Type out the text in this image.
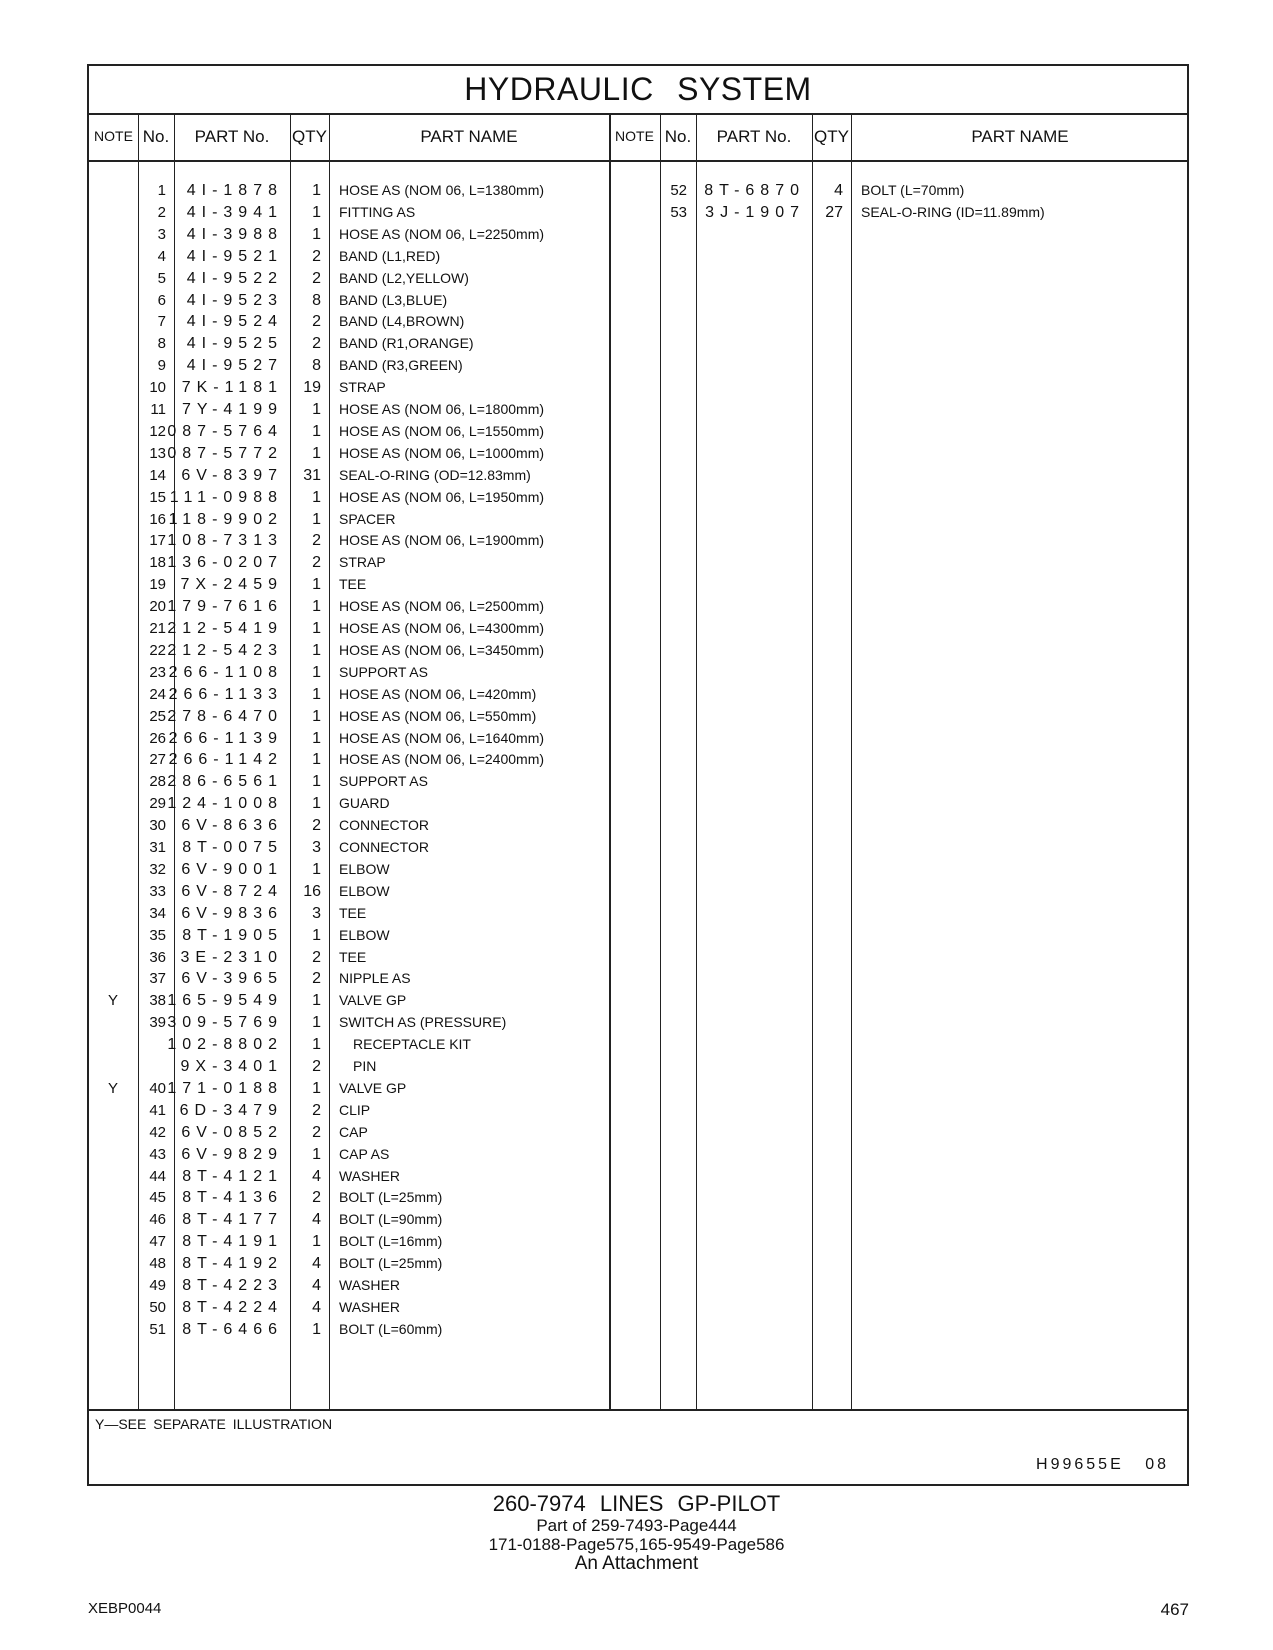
HYDRAULIC SYSTEM
NOTE No.	PART No.	QTY	PART NAME	NOTE No.	PART No.	QTY	PART NAME
1	4I-1878	1 HOSE AS (NOM 06, L=1380mm)
2	4I-3941	1 FITTING AS
3	4I-3988	1 HOSE AS (NOM 06, L=2250mm)
4	4I-9521	2 BAND (L1,RED)
5	4I-9522	2 BAND (L2,YELLOW)
6	4I-9523	8 BAND (L3,BLUE)
7	4I-9524	2 BAND (L4,BROWN)
8	4I-9525	2 BAND (R1,ORANGE)
9	4I-9527	8 BAND (R3,GREEN)
10 7K-1181	19 STRAP
11 7Y-4199	1 HOSE AS (NOM 06, L=1800mm)
12 087-5764	1 HOSE AS (NOM 06, L=1550mm)
13 087-5772	1 HOSE AS (NOM 06, L=1000mm)
14 6V-8397	31 SEAL-O-RING (OD=12.83mm)
15 111-0988	1 HOSE AS (NOM 06, L=1950mm)
16 118-9902	1 SPACER
17 108-7313	2 HOSE AS (NOM 06, L=1900mm)
18 136-0207	2 STRAP
19 7X-2459	1 TEE
20 179-7616	1 HOSE AS (NOM 06, L=2500mm)
21 212-5419	1 HOSE AS (NOM 06, L=4300mm)
22 212-5423	1 HOSE AS (NOM 06, L=3450mm)
23 266-1108	1 SUPPORT AS
24 266-1133	1 HOSE AS (NOM 06, L=420mm)
25 278-6470	1 HOSE AS (NOM 06, L=550mm)
26 266-1139	1 HOSE AS (NOM 06, L=1640mm)
27 266-1142	1 HOSE AS (NOM 06, L=2400mm)
28 286-6561	1 SUPPORT AS
29 124-1008	1 GUARD
30 6V-8636	2 CONNECTOR
31	8T-0075	3 CONNECTOR
32 6V-9001	1 ELBOW
33 6V-8724	16 ELBOW
34 6V-9836	3 TEE
35	8T-1905	1 ELBOW
36 3E-2310	2 TEE
37 6V-3965	2 NIPPLE AS
Y	38 165-9549	1 VALVE GP
39 309-5769	1 SWITCH AS (PRESSURE)
102-8802	1 RECEPTACLE KIT
9X-3401	2 PIN
Y	40 171-0188	1 VALVE GP
41 6D-3479	2 CLIP
42 6V-0852	2 CAP
43 6V-9829	1 CAP AS
44	8T-4121	4 WASHER
45	8T-4136	2 BOLT (L=25mm)
46	8T-4177	4 BOLT (L=90mm)
47	8T-4191	1 BOLT (L=16mm)
48	8T-4192	4 BOLT (L=25mm)
49	8T-4223	4 WASHER
50	8T-4224	4 WASHER
51	8T-6466	1 BOLT (L=60mm)
52	8T-6870	4 BOLT (L=70mm)
53	3J-1907	27 SEAL-O-RING (ID=11.89mm)
Y—SEE SEPARATE ILLUSTRATION
H99655E 08
260-7974 LINES GP-PILOT
Part of 259-7493-Page444
171-0188-Page575,165-9549-Page586
An Attachment
XEBP0044	467
